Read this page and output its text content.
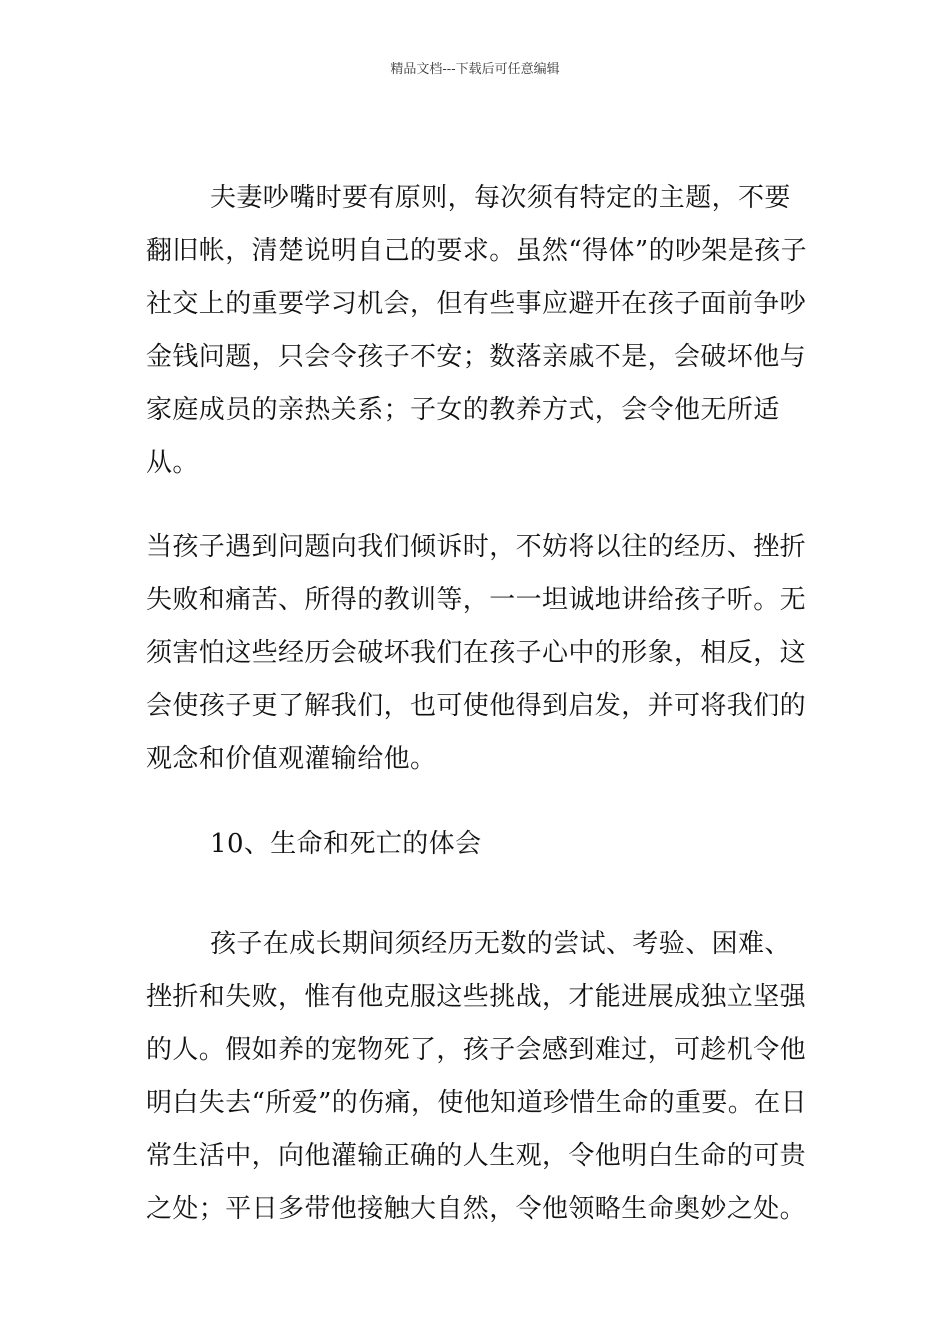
精品文档---下载后可任意编辑

夫妻吵嘴时要有原则，每次须有特定的主题，不要翻旧帐，清楚说明自己的要求。虽然“得体”的吵架是孩子社交上的重要学习机会，但有些事应避开在孩子面前争吵金钱问题，只会令孩子不安；数落亲戚不是，会破坏他与家庭成员的亲热关系；子女的教养方式，会令他无所适从。

当孩子遇到问题向我们倾诉时，不妨将以往的经历、挫折失败和痛苦、所得的教训等，一一坦诚地讲给孩子听。无须害怕这些经历会破坏我们在孩子心中的形象，相反，这会使孩子更了解我们，也可使他得到启发，并可将我们的观念和价值观灌输给他。

10、生命和死亡的体会

孩子在成长期间须经历无数的尝试、考验、困难、挫折和失败，惟有他克服这些挑战，才能进展成独立坚强的人。假如养的宠物死了，孩子会感到难过，可趁机令他明白失去“所爱”的伤痛，使他知道珍惜生命的重要。在日常生活中，向他灌输正确的人生观，令他明白生命的可贵之处；平日多带他接触大自然，令他领略生命奥妙之处。
